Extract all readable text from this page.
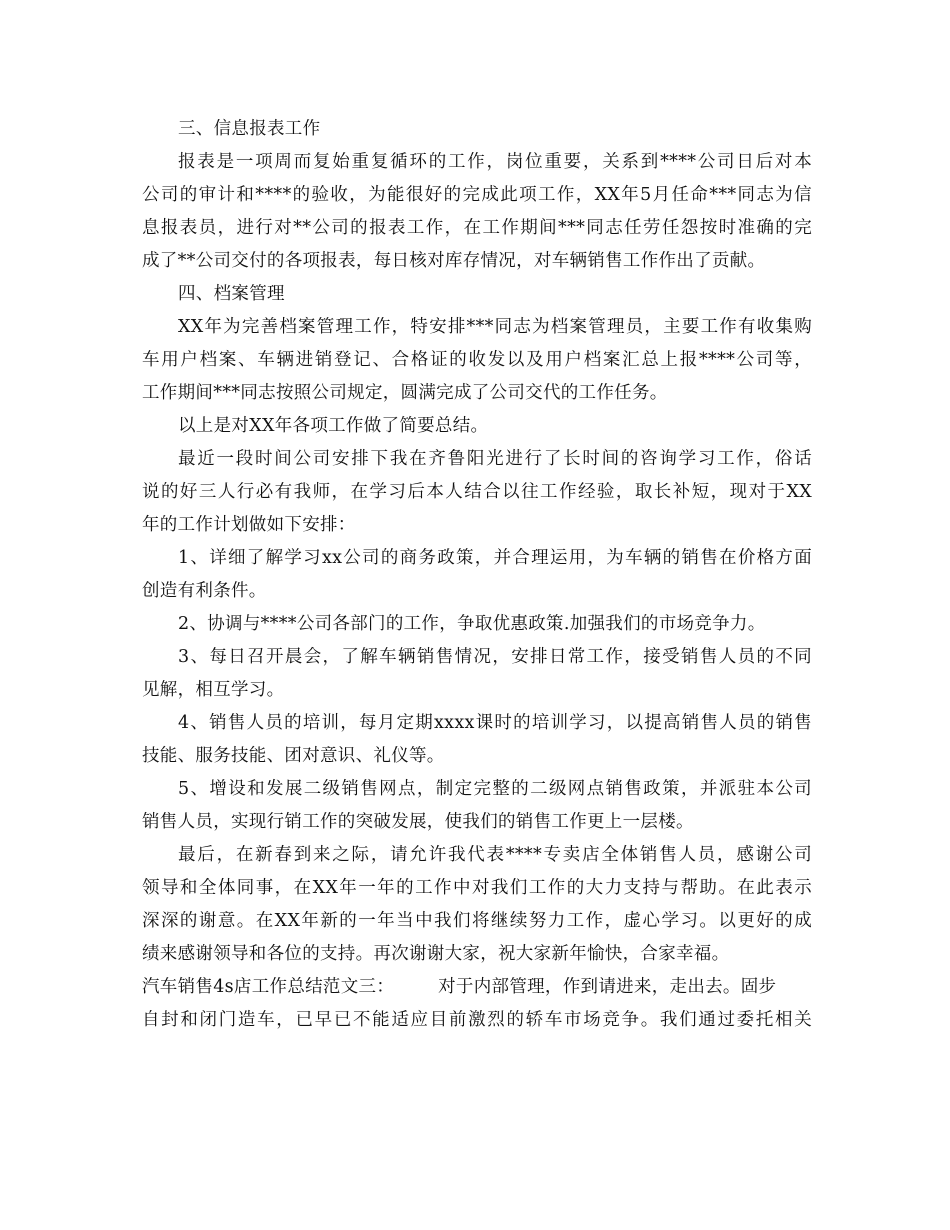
三、信息报表工作
报表是一项周而复始重复循环的工作，岗位重要，关系到****公司日后对本
公司的审计和****的验收，为能很好的完成此项工作，XX年5月任命***同志为信
息报表员，进行对**公司的报表工作，在工作期间***同志任劳任怨按时准确的完
成了**公司交付的各项报表，每日核对库存情况，对车辆销售工作作出了贡献。
四、档案管理
XX年为完善档案管理工作，特安排***同志为档案管理员，主要工作有收集购
车用户档案、车辆进销登记、合格证的收发以及用户档案汇总上报****公司等，
工作期间***同志按照公司规定，圆满完成了公司交代的工作任务。
以上是对XX年各项工作做了简要总结。
最近一段时间公司安排下我在齐鲁阳光进行了长时间的咨询学习工作，俗话
说的好三人行必有我师，在学习后本人结合以往工作经验，取长补短，现对于XX
年的工作计划做如下安排：
1、详细了解学习xx公司的商务政策，并合理运用，为车辆的销售在价格方面
创造有利条件。
2、协调与****公司各部门的工作，争取优惠政策.加强我们的市场竞争力。
3、每日召开晨会，了解车辆销售情况，安排日常工作，接受销售人员的不同
见解，相互学习。
4、销售人员的培训，每月定期xxxx课时的培训学习，以提高销售人员的销售
技能、服务技能、团对意识、礼仪等。
5、增设和发展二级销售网点，制定完整的二级网点销售政策，并派驻本公司
销售人员，实现行销工作的突破发展，使我们的销售工作更上一层楼。
最后，在新春到来之际，请允许我代表****专卖店全体销售人员，感谢公司
领导和全体同事，在XX年一年的工作中对我们工作的大力支持与帮助。在此表示
深深的谢意。在XX年新的一年当中我们将继续努力工作，虚心学习。以更好的成
绩来感谢领导和各位的支持。再次谢谢大家，祝大家新年愉快，合家幸福。
汽车销售4s店工作总结范文三：	对于内部管理，作到请进来，走出去。固步
自封和闭门造车，已早已不能适应目前激烈的轿车市场竞争。我们通过委托相关
